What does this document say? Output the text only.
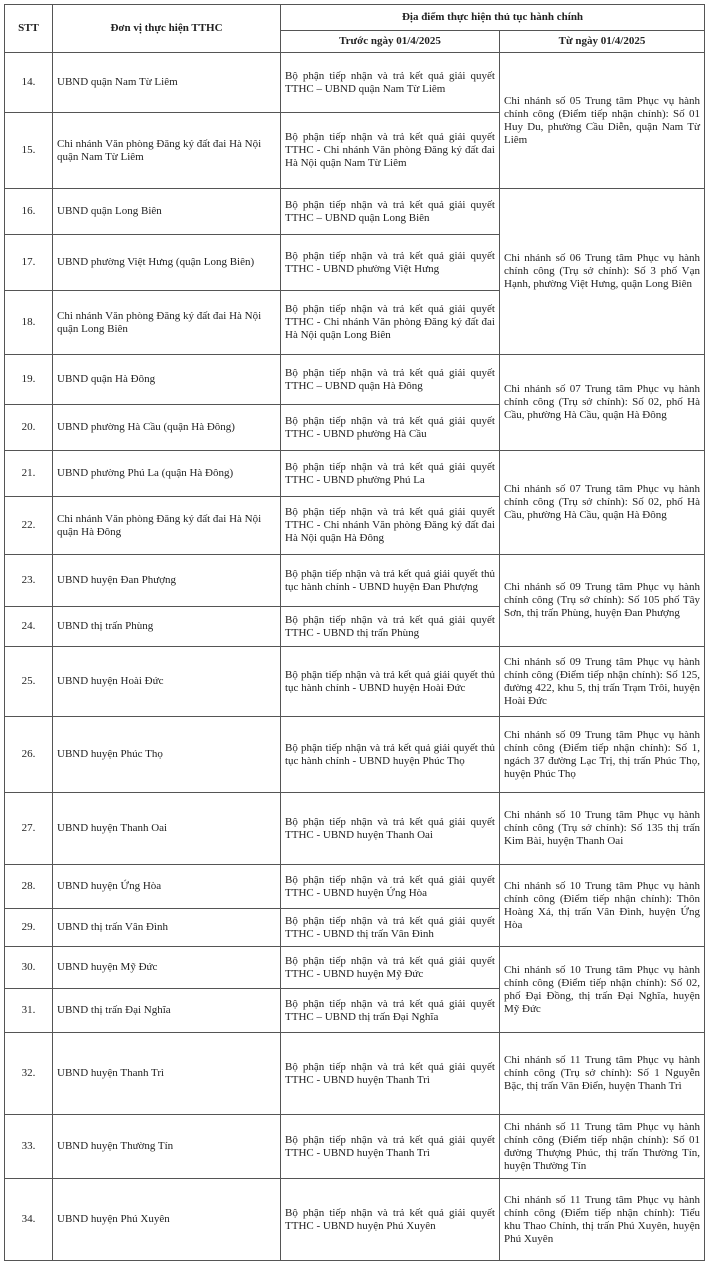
STT	Đơn vị thực hiện TTHC	Địa điểm thực hiện thủ tục hành chính	
		Trước ngày 01/4/2025	Từ ngày 01/4/2025
14.	UBND quận Nam Từ Liêm	Bộ phận tiếp nhận và trả kết quả giải quyết TTHC – UBND quận Nam Từ Liêm	Chi nhánh số 05 Trung tâm Phục vụ hành chính công (Điểm tiếp nhận chính): Số 01 Huy Du, phường Cầu Diễn, quận Nam Từ Liêm
15.	Chi nhánh Văn phòng Đăng ký đất đai Hà Nội quận Nam Từ Liêm	Bộ phận tiếp nhận và trả kết quả giải quyết TTHC - Chi nhánh Văn phòng Đăng ký đất đai Hà Nội quận Nam Từ Liêm	
16.	UBND quận Long Biên	Bộ phận tiếp nhận và trả kết quả giải quyết TTHC – UBND quận Long Biên	Chi nhánh số 06 Trung tâm Phục vụ hành chính công (Trụ sở chính): Số 3 phố Vạn Hạnh, phường Việt Hưng, quận Long Biên
17.	UBND phường Việt Hưng (quận Long Biên)	Bộ phận tiếp nhận và trả kết quả giải quyết TTHC - UBND phường Việt Hưng	
18.	Chi nhánh Văn phòng Đăng ký đất đai Hà Nội quận Long Biên	Bộ phận tiếp nhận và trả kết quả giải quyết TTHC - Chi nhánh Văn phòng Đăng ký đất đai Hà Nội quận Long Biên	
19.	UBND quận Hà Đông	Bộ phận tiếp nhận và trả kết quả giải quyết TTHC – UBND quận Hà Đông	Chi nhánh số 07 Trung tâm Phục vụ hành chính công (Trụ sở chính): Số 02, phố Hà Cầu, phường Hà Cầu, quận Hà Đông
20.	UBND phường Hà Cầu (quận Hà Đông)	Bộ phận tiếp nhận và trả kết quả giải quyết TTHC - UBND phường Hà Cầu	
21.	UBND phường Phú La (quận Hà Đông)	Bộ phận tiếp nhận và trả kết quả giải quyết TTHC - UBND phường Phú La	Chi nhánh số 07 Trung tâm Phục vụ hành chính công (Trụ sở chính): Số 02, phố Hà Cầu, phường Hà Cầu, quận Hà Đông
22.	Chi nhánh Văn phòng Đăng ký đất đai Hà Nội quận Hà Đông	Bộ phận tiếp nhận và trả kết quả giải quyết TTHC - Chi nhánh Văn phòng Đăng ký đất đai Hà Nội quận Hà Đông	
23.	UBND huyện Đan Phượng	Bộ phận tiếp nhận và trả kết quả giải quyết thủ tục hành chính - UBND huyện Đan Phượng	Chi nhánh số 09 Trung tâm Phục vụ hành chính công (Trụ sở chính): Số 105 phố Tây Sơn, thị trấn Phùng, huyện Đan Phượng
24.	UBND thị trấn Phùng	Bộ phận tiếp nhận và trả kết quả giải quyết TTHC - UBND thị trấn Phùng	
25.	UBND huyện Hoài Đức	Bộ phận tiếp nhận và trả kết quả giải quyết thủ tục hành chính - UBND huyện Hoài Đức	Chi nhánh số 09 Trung tâm Phục vụ hành chính công (Điểm tiếp nhận chính): Số 125, đường 422, khu 5, thị trấn Trạm Trôi, huyện Hoài Đức
26.	UBND huyện Phúc Thọ	Bộ phận tiếp nhận và trả kết quả giải quyết thủ tục hành chính - UBND huyện Phúc Thọ	Chi nhánh số 09 Trung tâm Phục vụ hành chính công (Điểm tiếp nhận chính): Số 1, ngách 37 đường Lạc Trị, thị trấn Phúc Thọ, huyện Phúc Thọ
27.	UBND huyện Thanh Oai	Bộ phận tiếp nhận và trả kết quả giải quyết TTHC - UBND huyện Thanh Oai	Chi nhánh số 10 Trung tâm Phục vụ hành chính công (Trụ sở chính): Số 135 thị trấn Kim Bài, huyện Thanh Oai
28.	UBND huyện Ứng Hòa	Bộ phận tiếp nhận và trả kết quả giải quyết TTHC - UBND huyện Ứng Hòa	Chi nhánh số 10 Trung tâm Phục vụ hành chính công (Điểm tiếp nhận chính): Thôn Hoàng Xá, thị trấn Vân Đình, huyện Ứng Hòa
29.	UBND thị trấn Vân Đình	Bộ phận tiếp nhận và trả kết quả giải quyết TTHC - UBND thị trấn Vân Đình	
30.	UBND huyện Mỹ Đức	Bộ phận tiếp nhận và trả kết quả giải quyết TTHC - UBND huyện Mỹ Đức	Chi nhánh số 10 Trung tâm Phục vụ hành chính công (Điểm tiếp nhận chính): Số 02, phố Đại Đồng, thị trấn Đại Nghĩa, huyện Mỹ Đức
31.	UBND thị trấn Đại Nghĩa	Bộ phận tiếp nhận và trả kết quả giải quyết TTHC – UBND thị trấn Đại Nghĩa	
32.	UBND huyện Thanh Trì	Bộ phận tiếp nhận và trả kết quả giải quyết TTHC - UBND huyện Thanh Trì	Chi nhánh số 11 Trung tâm Phục vụ hành chính công (Trụ sở chính): Số 1 Nguyễn Bặc, thị trấn Văn Điển, huyện Thanh Trì
33.	UBND huyện Thường Tín	Bộ phận tiếp nhận và trả kết quả giải quyết TTHC - UBND huyện Thanh Trì	Chi nhánh số 11 Trung tâm Phục vụ hành chính công (Điểm tiếp nhận chính): Số 01 đường Thượng Phúc, thị trấn Thường Tín, huyện Thường Tín
34.	UBND huyện Phú Xuyên	Bộ phận tiếp nhận và trả kết quả giải quyết TTHC - UBND huyện Phú Xuyên	Chi nhánh số 11 Trung tâm Phục vụ hành chính công (Điểm tiếp nhận chính): Tiểu khu Thao Chính, thị trấn Phú Xuyên, huyện Phú Xuyên
